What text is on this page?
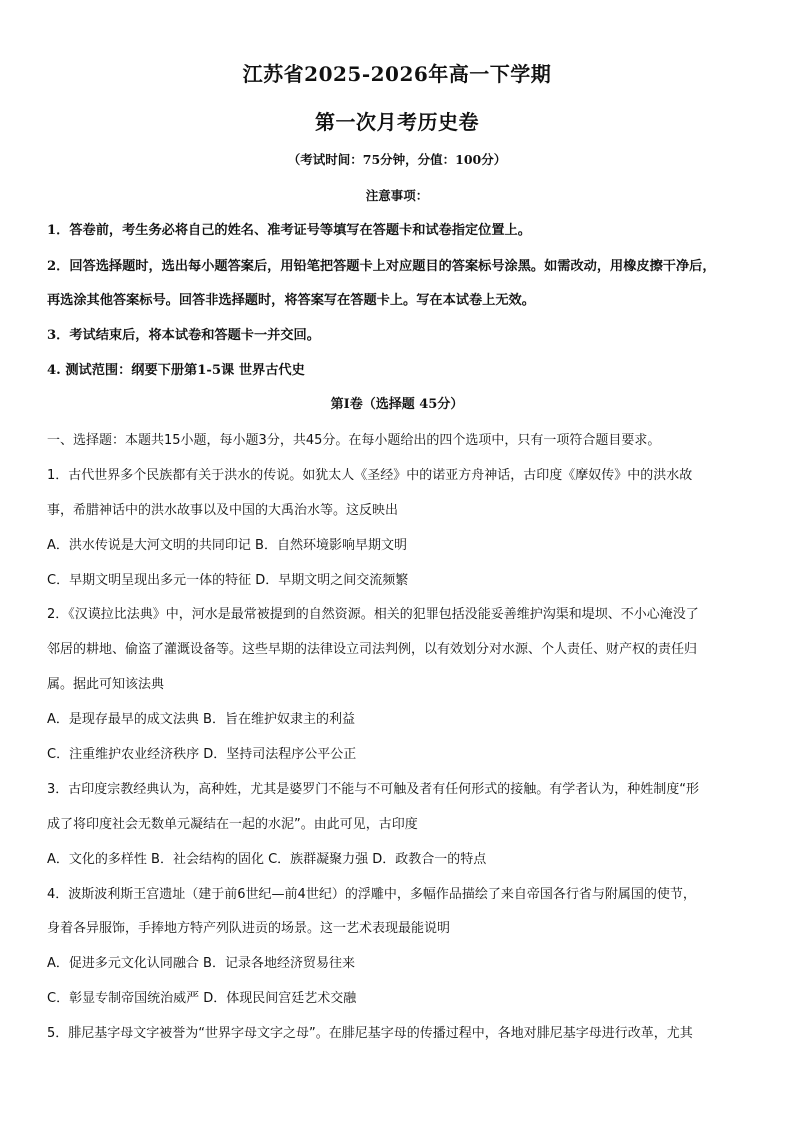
江苏省2025-2026年高一下学期
第一次月考历史卷
（考试时间：75分钟，分值：100分）
注意事项：
1．答卷前，考生务必将自己的姓名、准考证号等填写在答题卡和试卷指定位置上。
2．回答选择题时，选出每小题答案后，用铅笔把答题卡上对应题目的答案标号涂黑。如需改动，用橡皮擦干净后，
再选涂其他答案标号。回答非选择题时，将答案写在答题卡上。写在本试卷上无效。
3．考试结束后，将本试卷和答题卡一并交回。
4. 测试范围：纲要下册第1-5课 世界古代史
第Ⅰ卷（选择题 45分）
一、选择题：本题共15小题，每小题3分，共45分。在每小题给出的四个选项中，只有一项符合题目要求。
1．古代世界多个民族都有关于洪水的传说。如犹太人《圣经》中的诺亚方舟神话，古印度《摩奴传》中的洪水故
事，希腊神话中的洪水故事以及中国的大禹治水等。这反映出
A．洪水传说是大河文明的共同印记 B．自然环境影响早期文明
C．早期文明呈现出多元一体的特征 D．早期文明之间交流频繁
2．《汉谟拉比法典》中，河水是最常被提到的自然资源。相关的犯罪包括没能妥善维护沟渠和堤坝、不小心淹没了
邻居的耕地、偷盗了灌溉设备等。这些早期的法律设立司法判例，以有效划分对水源、个人责任、财产权的责任归
属。据此可知该法典
A．是现存最早的成文法典 B．旨在维护奴隶主的利益
C．注重维护农业经济秩序 D．坚持司法程序公平公正
3．古印度宗教经典认为，高种姓，尤其是婆罗门不能与不可触及者有任何形式的接触。有学者认为，种姓制度“形
成了将印度社会无数单元凝结在一起的水泥”。由此可见，古印度
A．文化的多样性 B．社会结构的固化 C．族群凝聚力强 D．政教合一的特点
4．波斯波利斯王宫遗址（建于前6世纪—前4世纪）的浮雕中，多幅作品描绘了来自帝国各行省与附属国的使节，
身着各异服饰，手捧地方特产列队进贡的场景。这一艺术表现最能说明
A．促进多元文化认同融合 B．记录各地经济贸易往来
C．彰显专制帝国统治威严 D．体现民间宫廷艺术交融
5．腓尼基字母文字被誉为“世界字母文字之母”。在腓尼基字母的传播过程中，各地对腓尼基字母进行改革，尤其
